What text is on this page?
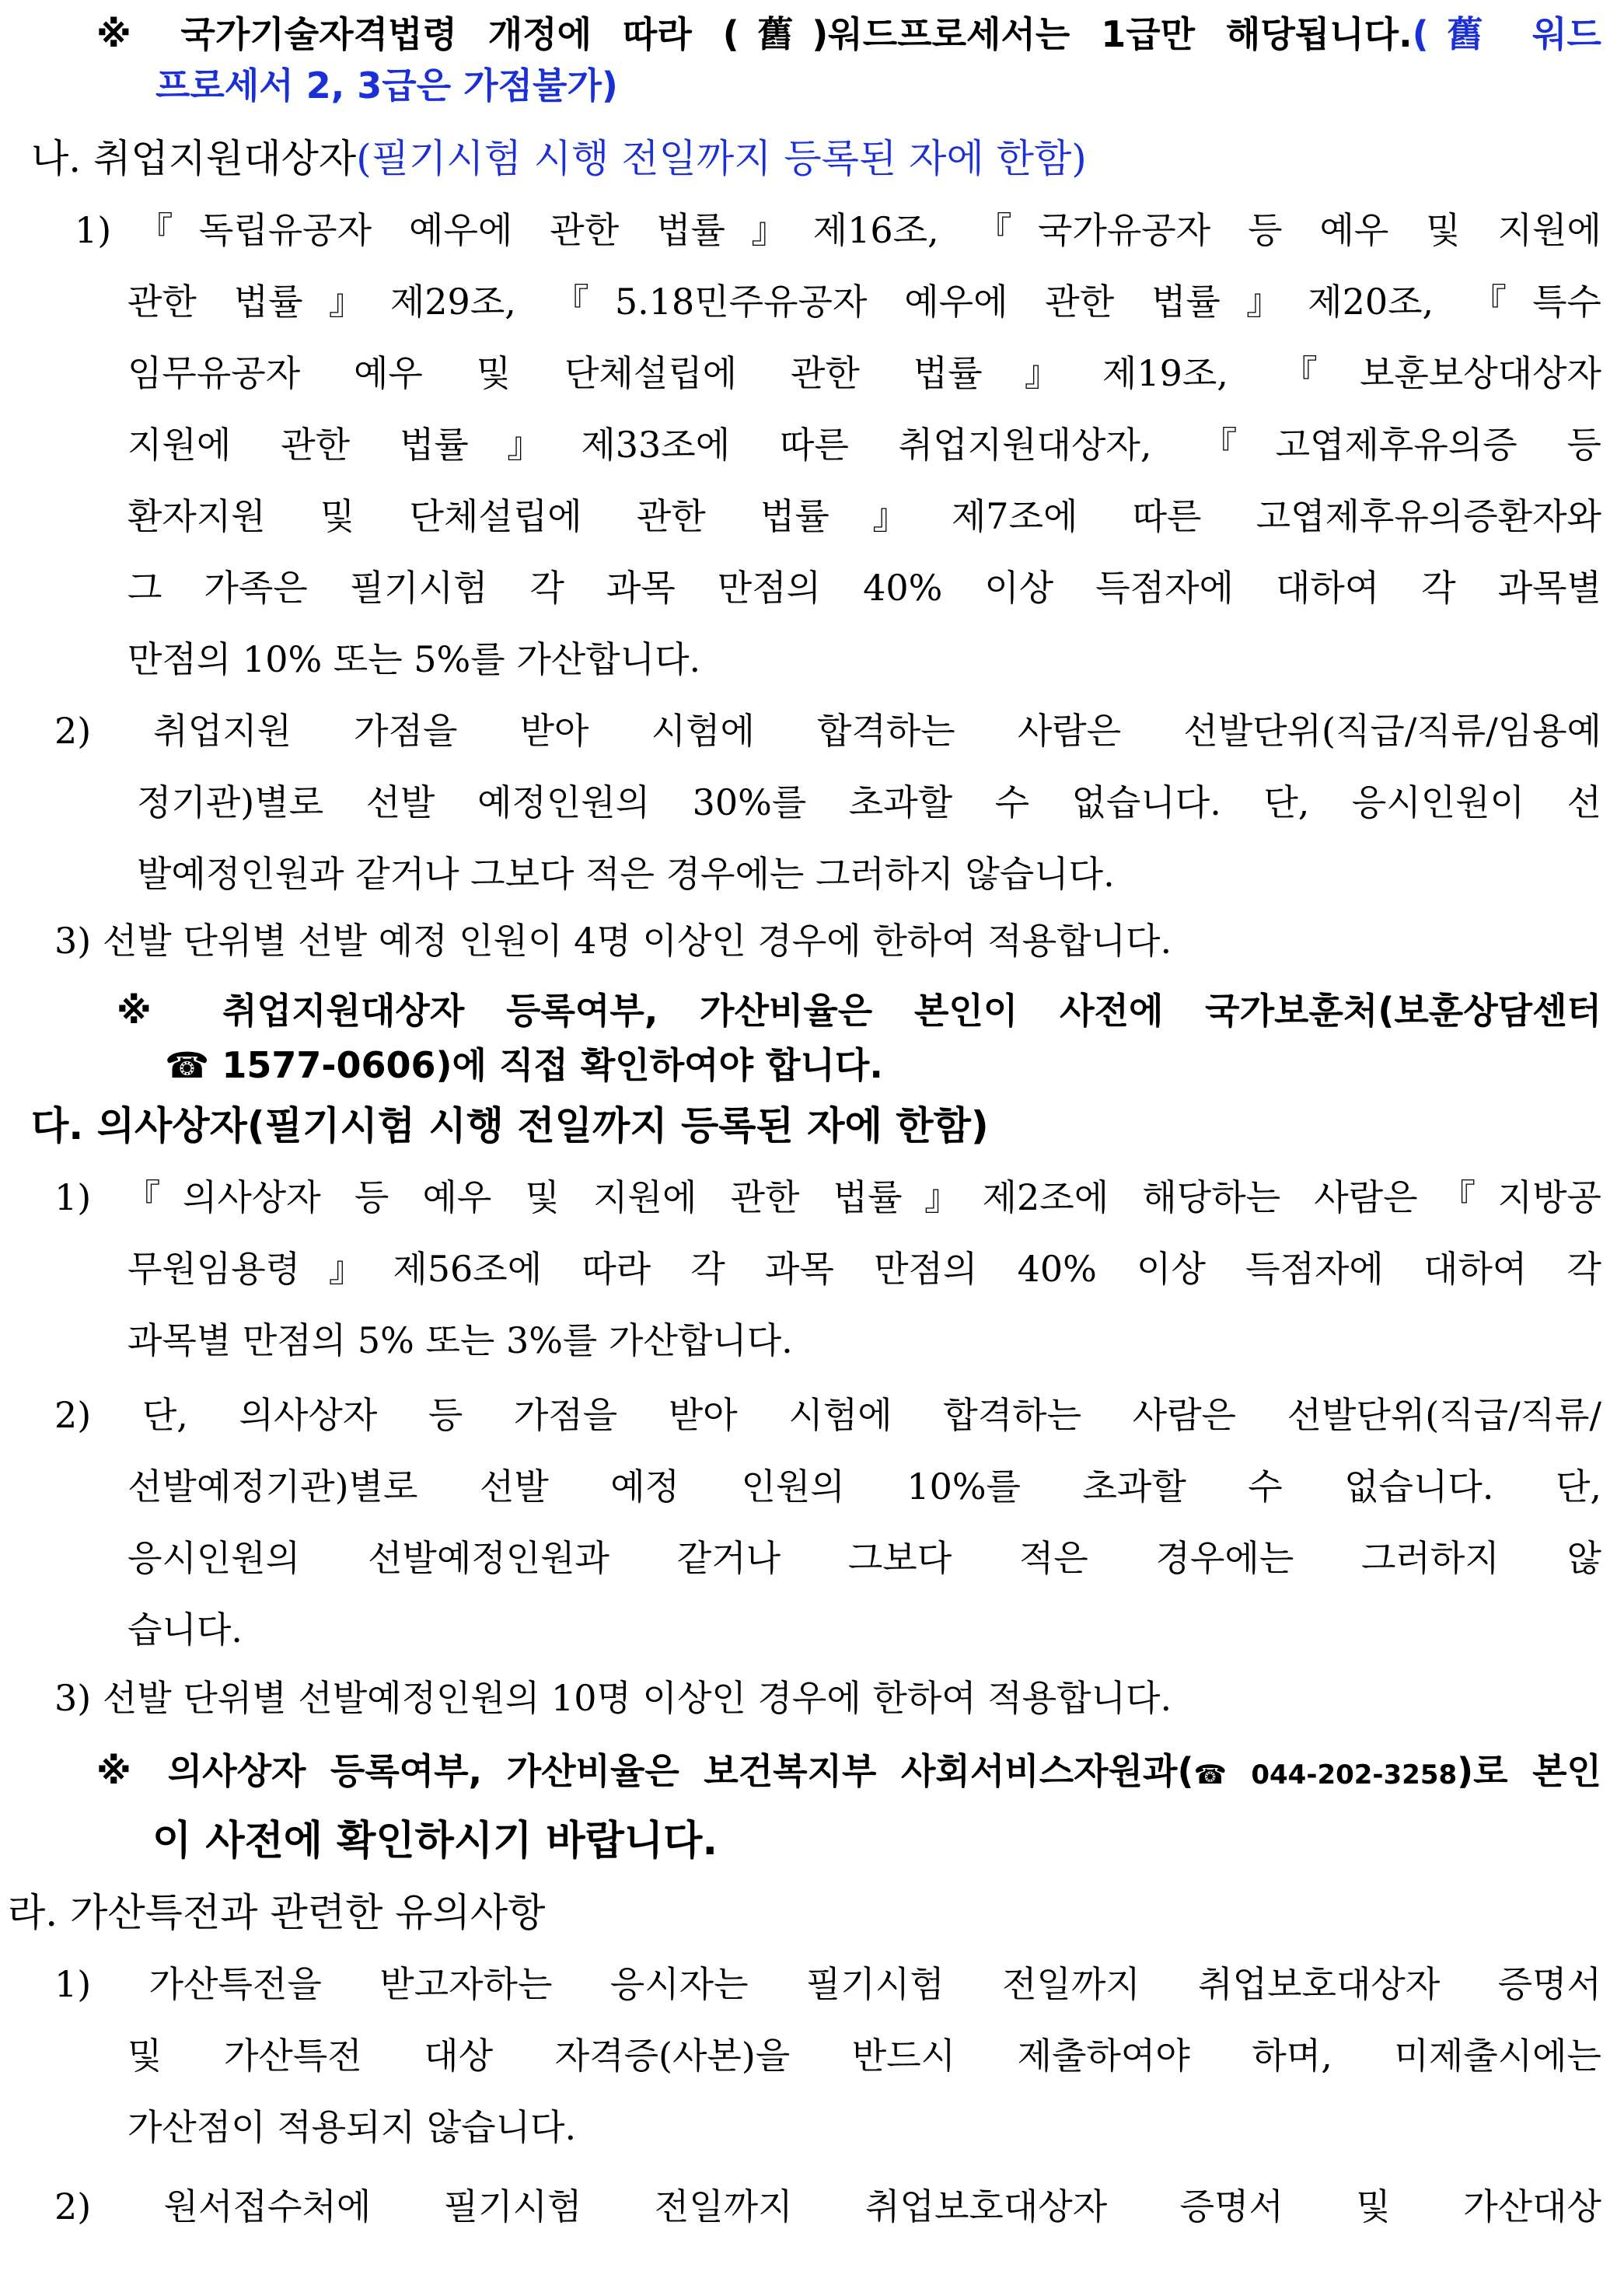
※ 국가기술자격법령 개정에 따라 (舊)워드프로세서는 1급만 해당됩니다.(舊 워드
프로세서 2, 3급은 가점불가)
나. 취업지원대상자(필기시험 시행 전일까지 등록된 자에 한함)
1)『독립유공자 예우에 관한 법률』제16조, 『국가유공자 등 예우 및 지원에
관한 법률』제29조, 『5.18민주유공자 예우에 관한 법률』제20조, 『특수
임무유공자 예우 및 단체설립에 관한 법률』제19조, 『보훈보상대상자
지원에 관한 법률』제33조에 따른 취업지원대상자, 『고엽제후유의증 등
환자지원 및 단체설립에 관한 법률』제7조에 따른 고엽제후유의증환자와
그 가족은 필기시험 각 과목 만점의 40% 이상 득점자에 대하여 각 과목별
만점의 10% 또는 5%를 가산합니다.
2) 취업지원 가점을 받아 시험에 합격하는 사람은 선발단위(직급/직류/임용예
정기관)별로 선발 예정인원의 30%를 초과할 수 없습니다. 단, 응시인원이 선
발예정인원과 같거나 그보다 적은 경우에는 그러하지 않습니다.
3) 선발 단위별 선발 예정 인원이 4명 이상인 경우에 한하여 적용합니다.
※ 취업지원대상자 등록여부, 가산비율은 본인이 사전에 국가보훈처(보훈상담센터
☎ 1577-0606)에 직접 확인하여야 합니다.
다. 의사상자(필기시험 시행 전일까지 등록된 자에 한함)
1) 『의사상자 등 예우 및 지원에 관한 법률』제2조에 해당하는 사람은『지방공
무원임용령』제56조에 따라 각 과목 만점의 40% 이상 득점자에 대하여 각
과목별 만점의 5% 또는 3%를 가산합니다.
2) 단, 의사상자 등 가점을 받아 시험에 합격하는 사람은 선발단위(직급/직류/
선발예정기관)별로 선발 예정 인원의 10%를 초과할 수 없습니다. 단,
응시인원의 선발예정인원과 같거나 그보다 적은 경우에는 그러하지 않
습니다.
3) 선발 단위별 선발예정인원의 10명 이상인 경우에 한하여 적용합니다.
※ 의사상자 등록여부, 가산비율은 보건복지부 사회서비스자원과(☎ 044-202-3258)로 본인
이 사전에 확인하시기 바랍니다.
라. 가산특전과 관련한 유의사항
1) 가산특전을 받고자하는 응시자는 필기시험 전일까지 취업보호대상자 증명서
및 가산특전 대상 자격증(사본)을 반드시 제출하여야 하며, 미제출시에는
가산점이 적용되지 않습니다.
2) 원서접수처에 필기시험 전일까지 취업보호대상자 증명서 및 가산대상
